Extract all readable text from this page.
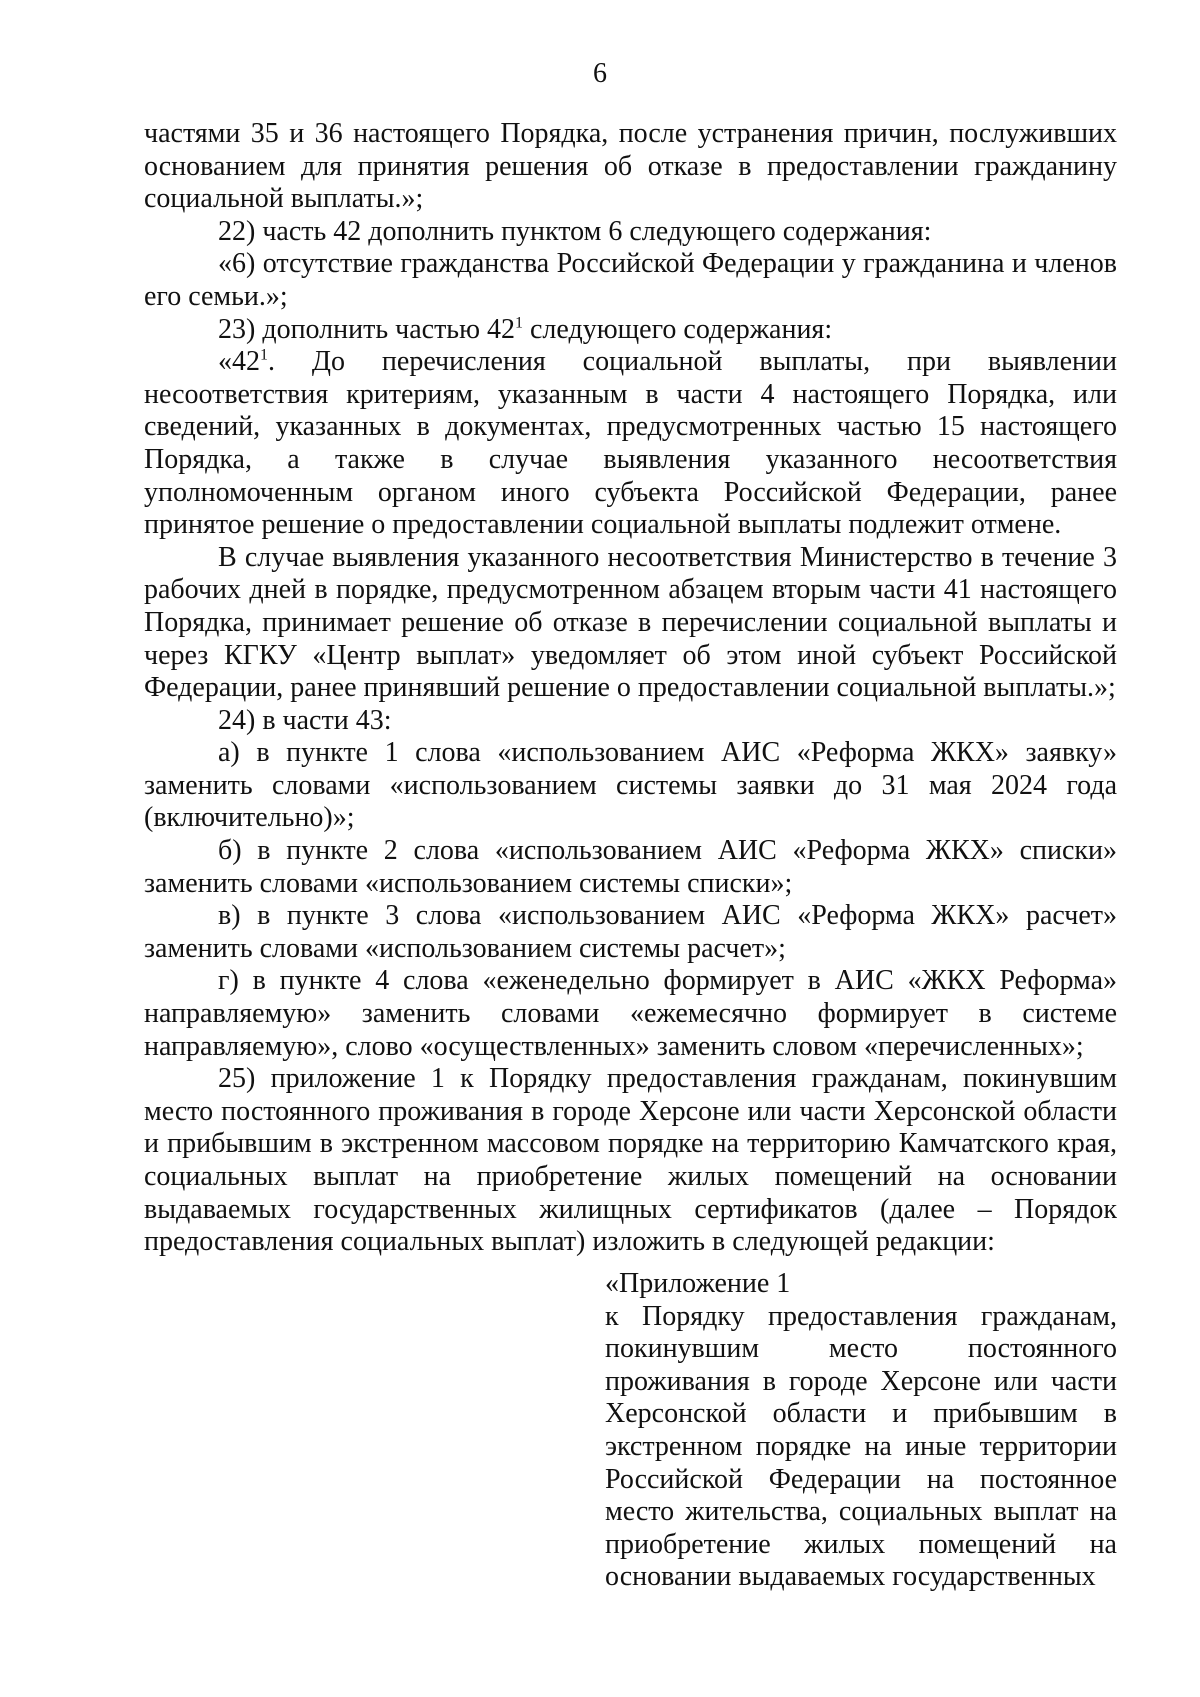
6

частями 35 и 36 настоящего Порядка, после устранения причин, послуживших основанием для принятия решения об отказе в предоставлении гражданину социальной выплаты.»;

22) часть 42 дополнить пунктом 6 следующего содержания:

«6) отсутствие гражданства Российской Федерации у гражданина и членов его семьи.»;

23) дополнить частью $42^1$ следующего содержания:

«$42^1$. До перечисления социальной выплаты, при выявлении несоответствия критериям, указанным в части 4 настоящего Порядка, или сведений, указанных в документах, предусмотренных частью 15 настоящего Порядка, а также в случае выявления указанного несоответствия уполномоченным органом иного субъекта Российской Федерации, ранее принятое решение о предоставлении социальной выплаты подлежит отмене.

В случае выявления указанного несоответствия Министерство в течение 3 рабочих дней в порядке, предусмотренном абзацем вторым части 41 настоящего Порядка, принимает решение об отказе в перечислении социальной выплаты и через КГКУ «Центр выплат» уведомляет об этом иной субъект Российской Федерации, ранее принявший решение о предоставлении социальной выплаты.»;

24) в части 43:

а) в пункте 1 слова «использованием АИС «Реформа ЖКХ» заявку» заменить словами «использованием системы заявки до 31 мая 2024 года (включительно)»;

б) в пункте 2 слова «использованием АИС «Реформа ЖКХ» списки» заменить словами «использованием системы списки»;

в) в пункте 3 слова «использованием АИС «Реформа ЖКХ» расчет» заменить словами «использованием системы расчет»;

г) в пункте 4 слова «еженедельно формирует в АИС «ЖКХ Реформа» направляемую» заменить словами «ежемесячно формирует в системе направляемую», слово «осуществленных» заменить словом «перечисленных»;

25) приложение 1 к Порядку предоставления гражданам, покинувшим место постоянного проживания в городе Херсоне или части Херсонской области и прибывшим в экстренном массовом порядке на территорию Камчатского края, социальных выплат на приобретение жилых помещений на основании выдаваемых государственных жилищных сертификатов (далее – Порядок предоставления социальных выплат) изложить в следующей редакции:

«Приложение 1

к Порядку предоставления гражданам, покинувшим место постоянного проживания в городе Херсоне или части Херсонской области и прибывшим в экстренном порядке на иные территории Российской Федерации на постоянное место жительства, социальных выплат на приобретение жилых помещений на основании выдаваемых государственных
